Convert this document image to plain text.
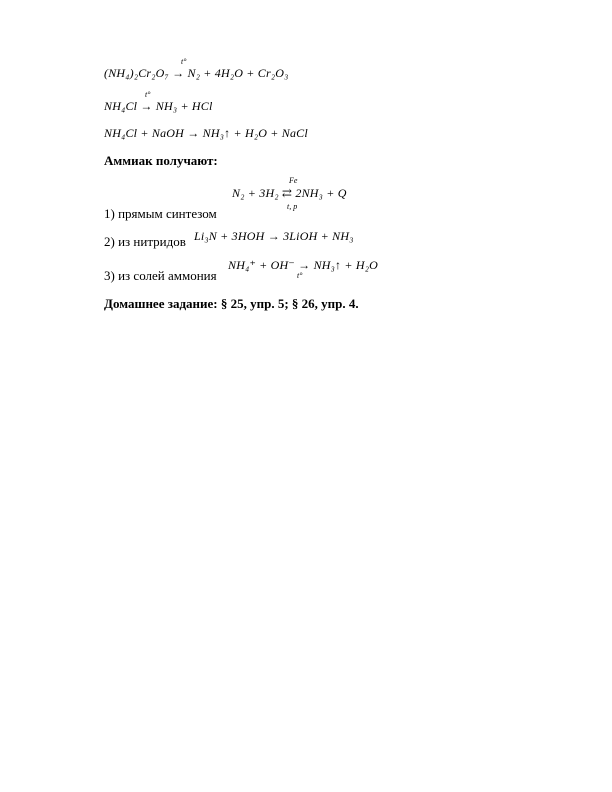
(NH₄)₂Cr₂O₇ → N₂ + 4H₂O + Cr₂O₃
t°
NH₄Cl → NH₃ + HCl
t°
NH₄Cl + NaOH → NH₃↑ + H₂O + NaCl
Аммиак получают:
N₂ + 3H₂ ⇄ 2NH₃ + Q
Fe
t, p
1) прямым синтезом
2) из нитридов Li₃N + 3HOH → 3LiOH + NH₃
3) из солей аммония
NH₄⁺ + OH⁻ → NH₃↑ + H₂O
t°
Домашнее задание: § 25, упр. 5; § 26, упр. 4.
